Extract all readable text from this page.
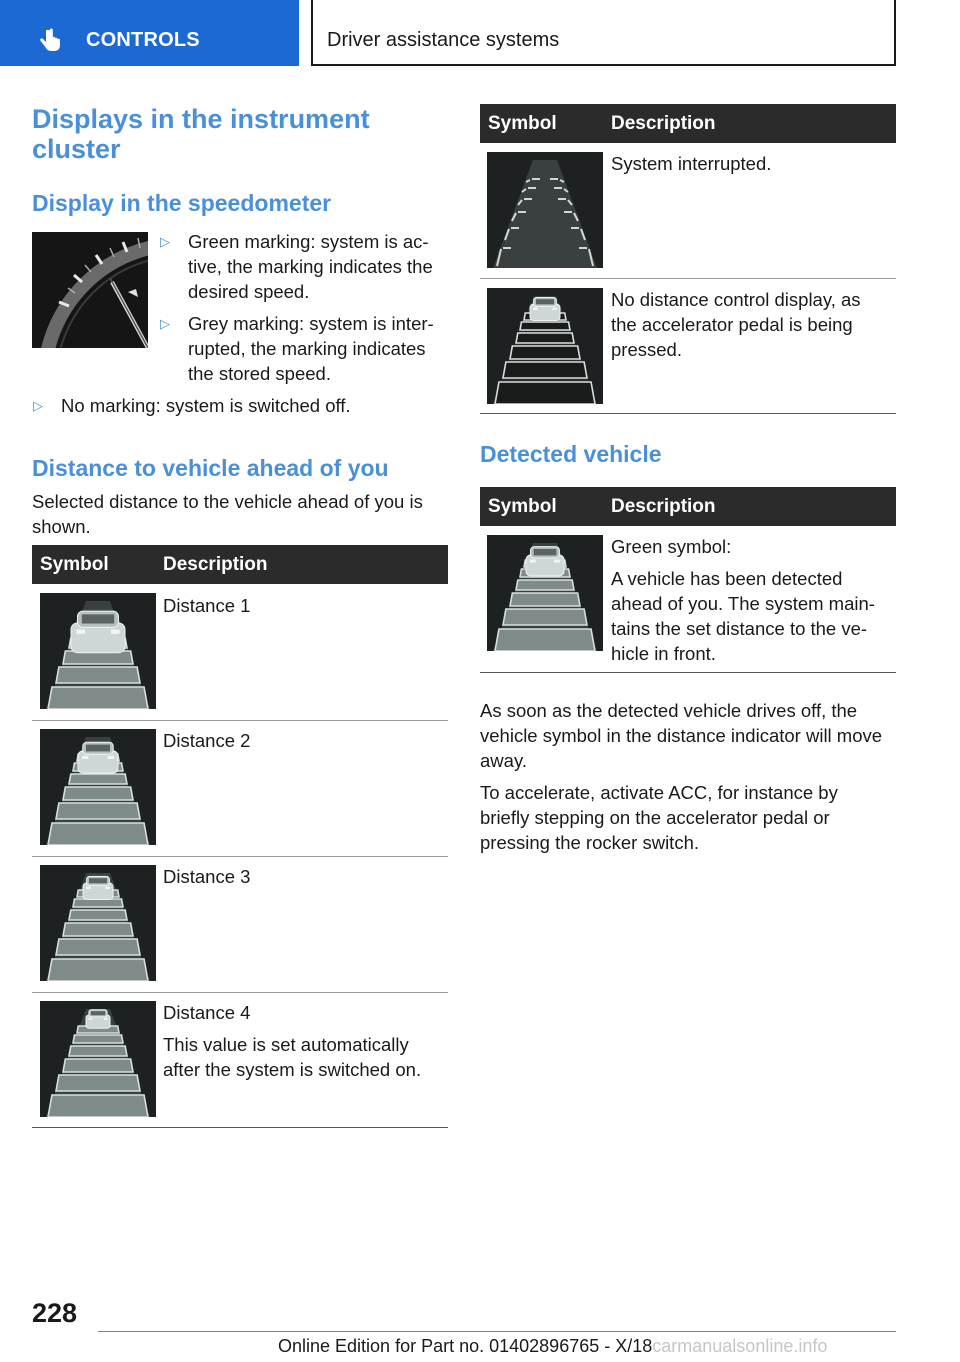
CONTROLS	Driver assistance systems
Displays in the instrument
cluster
Display in the speedometer
▷ Green marking: system is ac-
tive, the marking indicates the
desired speed.
▷ Grey marking: system is inter-
rupted, the marking indicates
the stored speed.
▷ No marking: system is switched off.
Distance to vehicle ahead of you
Selected distance to the vehicle ahead of you is
shown.
Symbol	Description

Distance 1

Distance 2

Distance 3

Distance 4

This value is set automatically
after the system is switched on.

Symbol	Description

System interrupted.

No distance control display, as
the accelerator pedal is being
pressed.
Detected vehicle
Symbol	Description

Green symbol:

A vehicle has been detected
ahead of you. The system main-
tains the set distance to the ve-
hicle in front.

As soon as the detected vehicle drives off, the
vehicle symbol in the distance indicator will move
away.
To accelerate, activate ACC, for instance by
briefly stepping on the accelerator pedal or
pressing the rocker switch.
228
Online Edition for Part no. 01402896765 - X/18carmanualsonline.info
